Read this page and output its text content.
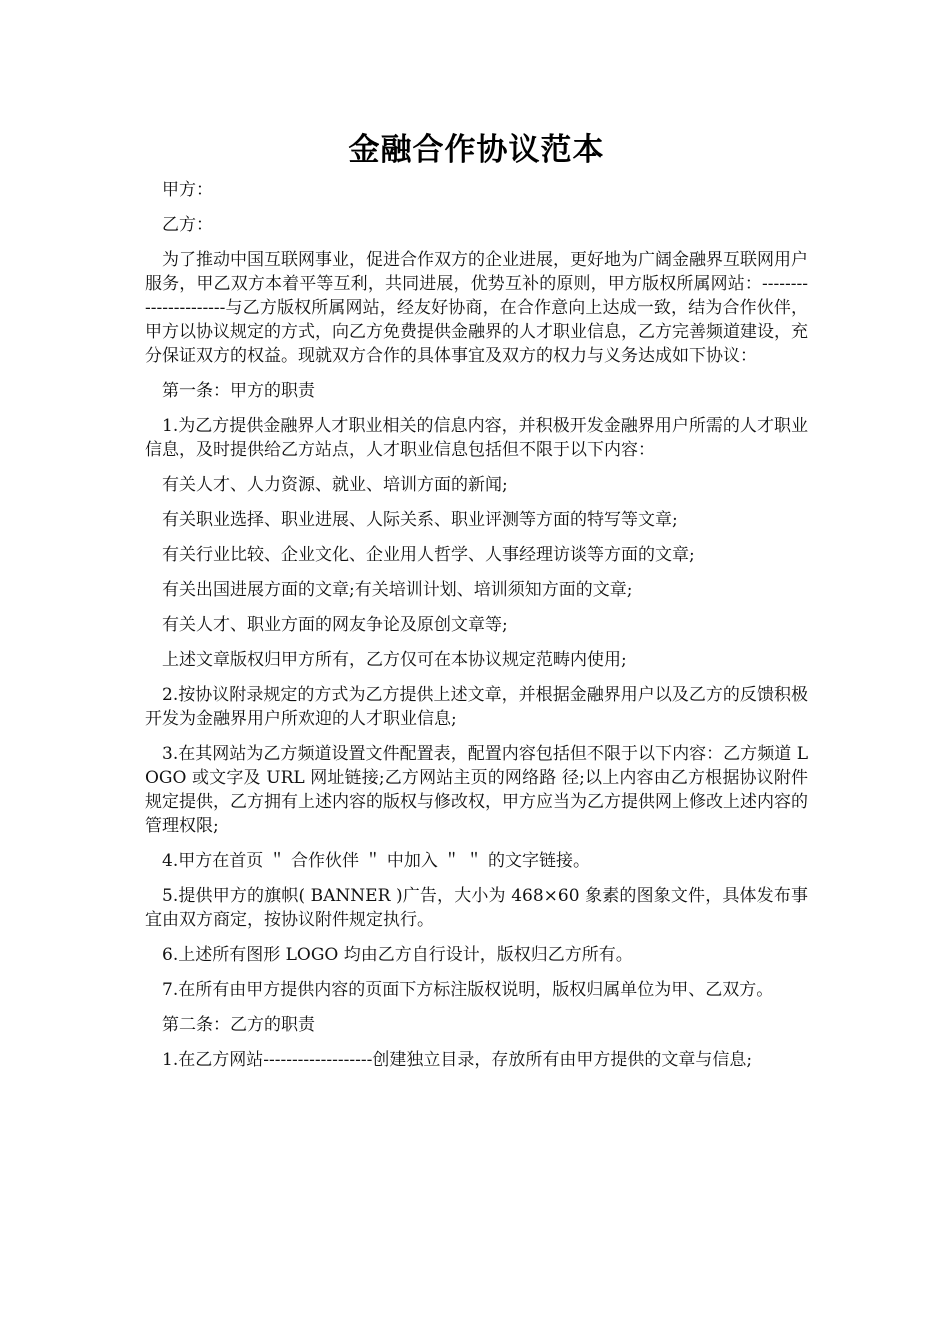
金融合作协议范本

甲方：

乙方：

为了推动中国互联网事业，促进合作双方的企业进展，更好地为广阔金融界互联网用户服务，甲乙双方本着平等互利，共同进展，优势互补的原则，甲方版权所属网站：----------------------与乙方版权所属网站，经友好协商，在合作意向上达成一致，结为合作伙伴，甲方以协议规定的方式，向乙方免费提供金融界的人才职业信息，乙方完善频道建设，充分保证双方的权益。现就双方合作的具体事宜及双方的权力与义务达成如下协议：

第一条：甲方的职责

1.为乙方提供金融界人才职业相关的信息内容，并积极开发金融界用户所需的人才职业信息，及时提供给乙方站点，人才职业信息包括但不限于以下内容：

有关人才、人力资源、就业、培训方面的新闻;

有关职业选择、职业进展、人际关系、职业评测等方面的特写等文章;

有关行业比较、企业文化、企业用人哲学、人事经理访谈等方面的文章;

有关出国进展方面的文章;有关培训计划、培训须知方面的文章;

有关人才、职业方面的网友争论及原创文章等;

上述文章版权归甲方所有，乙方仅可在本协议规定范畴内使用;

2.按协议附录规定的方式为乙方提供上述文章，并根据金融界用户以及乙方的反馈积极开发为金融界用户所欢迎的人才职业信息;

3.在其网站为乙方频道设置文件配置表，配置内容包括但不限于以下内容：乙方频道 LOGO 或文字及 URL 网址链接;乙方网站主页的网络路 径;以上内容由乙方根据协议附件规定提供，乙方拥有上述内容的版权与修改权，甲方应当为乙方提供网上修改上述内容的管理权限;

4.甲方在首页 ＂ 合作伙伴 ＂ 中加入 ＂ ＂ 的文字链接。

5.提供甲方的旗帜( BANNER )广告，大小为 468×60 象素的图象文件，具体发布事宜由双方商定，按协议附件规定执行。

6.上述所有图形 LOGO 均由乙方自行设计，版权归乙方所有。

7.在所有由甲方提供内容的页面下方标注版权说明，版权归属单位为甲、乙双方。

第二条：乙方的职责

1.在乙方网站-------------------创建独立目录，存放所有由甲方提供的文章与信息;
